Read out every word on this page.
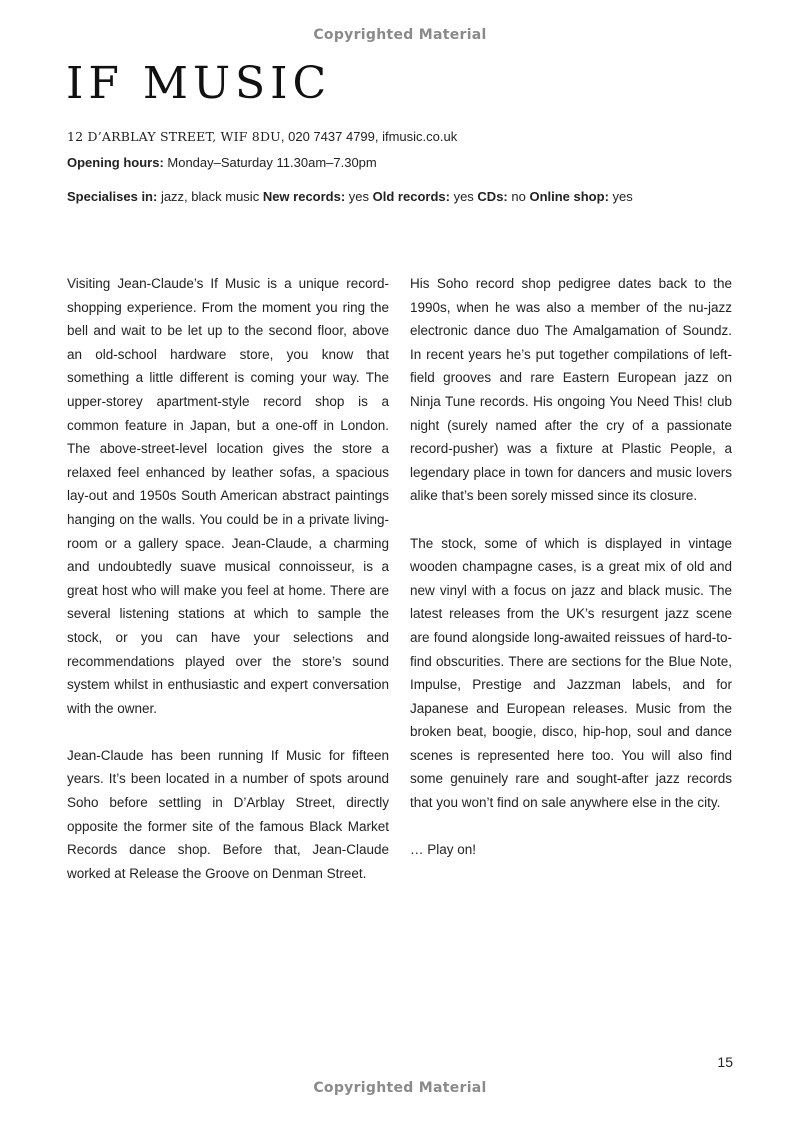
Copyrighted Material
IF MUSIC
12 D’ARBLAY STREET, WIF 8DU, 020 7437 4799, ifmusic.co.uk
Opening hours: Monday–Saturday 11.30am–7.30pm
Specialises in: jazz, black music New records: yes Old records: yes CDs: no Online shop: yes

Visiting Jean-Claude’s If Music is a unique record-shopping experience. From the moment you ring the bell and wait to be let up to the second floor, above an old-school hardware store, you know that something a little different is coming your way. The upper-storey apartment-style record shop is a common feature in Japan, but a one-off in London. The above-street-level location gives the store a relaxed feel enhanced by leather sofas, a spacious lay-out and 1950s South American abstract paintings hanging on the walls. You could be in a private living-room or a gallery space. Jean-Claude, a charming and undoubtedly suave musical connoisseur, is a great host who will make you feel at home. There are several listening stations at which to sample the stock, or you can have your selections and recommendations played over the store’s sound system whilst in enthusiastic and expert conversation with the owner.

Jean-Claude has been running If Music for fifteen years. It’s been located in a number of spots around Soho before settling in D’Arblay Street, directly opposite the former site of the famous Black Market Records dance shop. Before that, Jean-Claude worked at Release the Groove on Denman Street.

His Soho record shop pedigree dates back to the 1990s, when he was also a member of the nu-jazz electronic dance duo The Amalgamation of Soundz. In recent years he’s put together compilations of left-field grooves and rare Eastern European jazz on Ninja Tune records. His ongoing You Need This! club night (surely named after the cry of a passionate record-pusher) was a fixture at Plastic People, a legendary place in town for dancers and music lovers alike that’s been sorely missed since its closure.

The stock, some of which is displayed in vintage wooden champagne cases, is a great mix of old and new vinyl with a focus on jazz and black music. The latest releases from the UK’s resurgent jazz scene are found alongside long-awaited reissues of hard-to-find obscurities. There are sections for the Blue Note, Impulse, Prestige and Jazzman labels, and for Japanese and European releases. Music from the broken beat, boogie, disco, hip-hop, soul and dance scenes is represented here too. You will also find some genuinely rare and sought-after jazz records that you won’t find on sale anywhere else in the city.

… Play on!

15
Copyrighted Material
